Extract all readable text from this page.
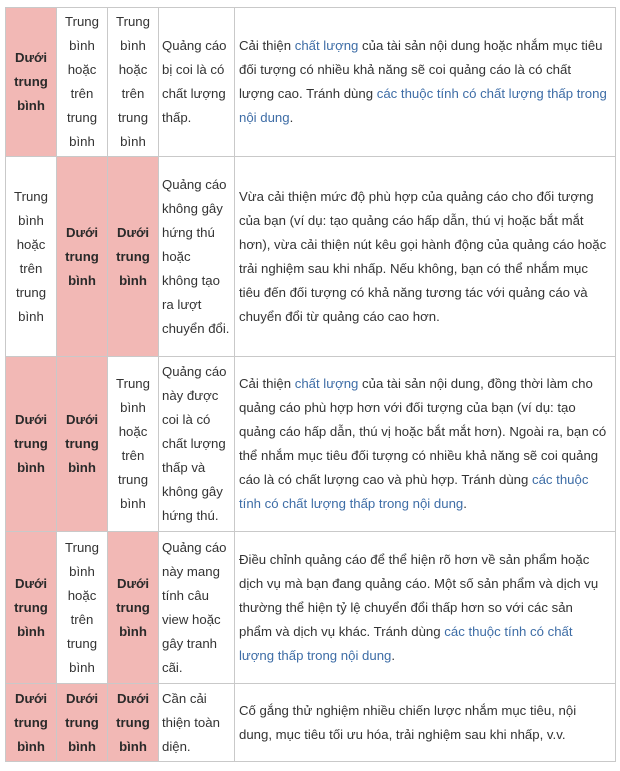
Dưới trung bình	Trung bình hoặc trên trung bình	Trung bình hoặc trên trung bình	Quảng cáo bị coi là có chất lượng thấp.	Cải thiện chất lượng của tài sản nội dung hoặc nhắm mục tiêu đối tượng có nhiều khả năng sẽ coi quảng cáo là có chất lượng cao. Tránh dùng các thuộc tính có chất lượng thấp trong nội dung.
Trung bình hoặc trên trung bình	Dưới trung bình	Dưới trung bình	Quảng cáo không gây hứng thú hoặc không tạo ra lượt chuyển đổi.	Vừa cải thiện mức độ phù hợp của quảng cáo cho đối tượng của bạn (ví dụ: tạo quảng cáo hấp dẫn, thú vị hoặc bắt mắt hơn), vừa cải thiện nút kêu gọi hành động của quảng cáo hoặc trải nghiệm sau khi nhấp. Nếu không, bạn có thể nhắm mục tiêu đến đối tượng có khả năng tương tác với quảng cáo và chuyển đổi từ quảng cáo cao hơn.
Dưới trung bình	Dưới trung bình	Trung bình hoặc trên trung bình	Quảng cáo này được coi là có chất lượng thấp và không gây hứng thú.	Cải thiện chất lượng của tài sản nội dung, đồng thời làm cho quảng cáo phù hợp hơn với đối tượng của bạn (ví dụ: tạo quảng cáo hấp dẫn, thú vị hoặc bắt mắt hơn). Ngoài ra, bạn có thể nhắm mục tiêu đối tượng có nhiều khả năng sẽ coi quảng cáo là có chất lượng cao và phù hợp. Tránh dùng các thuộc tính có chất lượng thấp trong nội dung.
Dưới trung bình	Trung bình hoặc trên trung bình	Dưới trung bình	Quảng cáo này mang tính câu view hoặc gây tranh cãi.	Điều chỉnh quảng cáo để thể hiện rõ hơn về sản phẩm hoặc dịch vụ mà bạn đang quảng cáo. Một số sản phẩm và dịch vụ thường thể hiện tỷ lệ chuyển đổi thấp hơn so với các sản phẩm và dịch vụ khác. Tránh dùng các thuộc tính có chất lượng thấp trong nội dung.
Dưới trung bình	Dưới trung bình	Dưới trung bình	Cần cải thiện toàn diện.	Cố gắng thử nghiệm nhiều chiến lược nhắm mục tiêu, nội dung, mục tiêu tối ưu hóa, trải nghiệm sau khi nhấp, v.v.
